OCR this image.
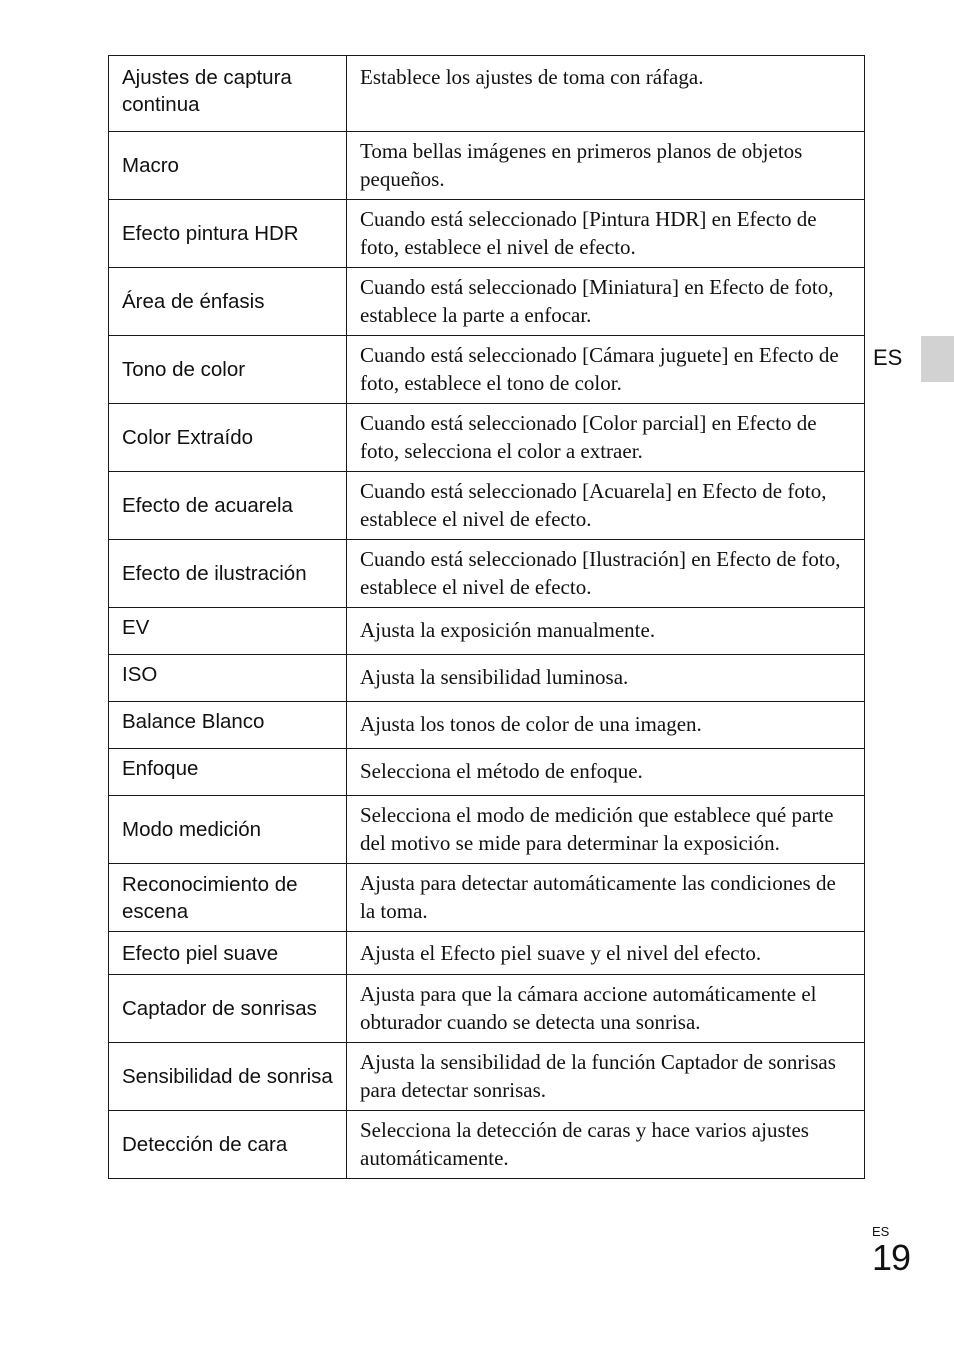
Ajustes de captura continua	Establece los ajustes de toma con ráfaga.
Macro	Toma bellas imágenes en primeros planos de objetos pequeños.
Efecto pintura HDR	Cuando está seleccionado [Pintura HDR] en Efecto de foto, establece el nivel de efecto.
Área de énfasis	Cuando está seleccionado [Miniatura] en Efecto de foto, establece la parte a enfocar.
Tono de color	Cuando está seleccionado [Cámara juguete] en Efecto de foto, establece el tono de color.
Color Extraído	Cuando está seleccionado [Color parcial] en Efecto de foto, selecciona el color a extraer.
Efecto de acuarela	Cuando está seleccionado [Acuarela] en Efecto de foto, establece el nivel de efecto.
Efecto de ilustración	Cuando está seleccionado [Ilustración] en Efecto de foto, establece el nivel de efecto.
EV	Ajusta la exposición manualmente.
ISO	Ajusta la sensibilidad luminosa.
Balance Blanco	Ajusta los tonos de color de una imagen.
Enfoque	Selecciona el método de enfoque.
Modo medición	Selecciona el modo de medición que establece qué parte del motivo se mide para determinar la exposición.
Reconocimiento de escena	Ajusta para detectar automáticamente las condiciones de la toma.
Efecto piel suave	Ajusta el Efecto piel suave y el nivel del efecto.
Captador de sonrisas	Ajusta para que la cámara accione automáticamente el obturador cuando se detecta una sonrisa.
Sensibilidad de sonrisa	Ajusta la sensibilidad de la función Captador de sonrisas para detectar sonrisas.
Detección de cara	Selecciona la detección de caras y hace varios ajustes automáticamente.
ES
ES
19
